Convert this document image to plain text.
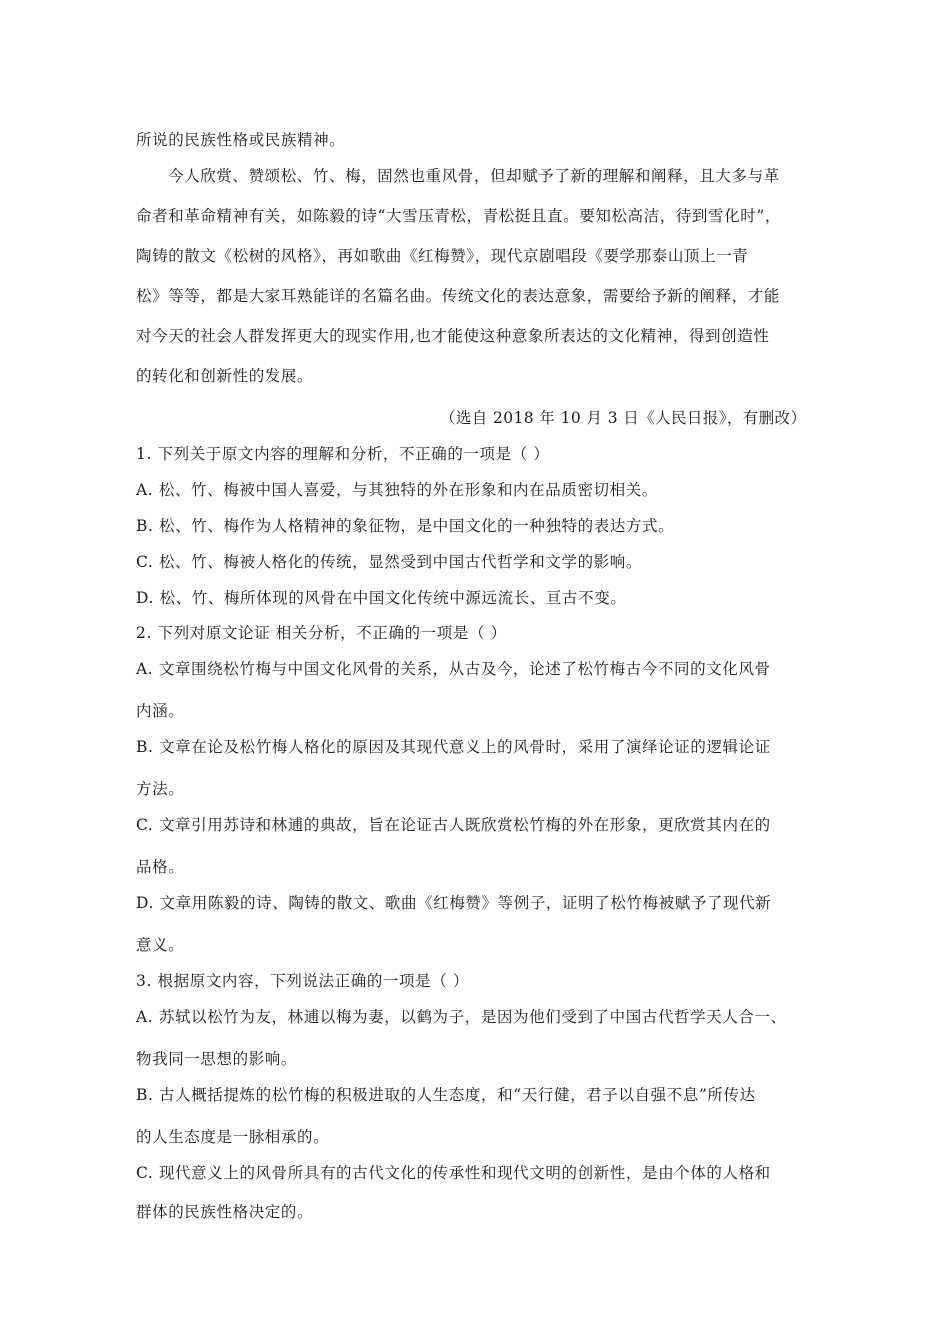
所说的民族性格或民族精神。
今人欣赏、赞颂松、竹、梅，固然也重风骨，但却赋予了新的理解和阐释，且大多与革
命者和革命精神有关，如陈毅的诗“大雪压青松，青松挺且直。要知松高洁，待到雪化时”，
陶铸的散文《松树的风格》，再如歌曲《红梅赞》，现代京剧唱段《要学那泰山顶上一青
松》等等，都是大家耳熟能详的名篇名曲。传统文化的表达意象，需要给予新的阐释，才能
对今天的社会人群发挥更大的现实作用,也才能使这种意象所表达的文化精神，得到创造性
的转化和创新性的发展。
（选自 2018 年 10 月 3 日《人民日报》，有删改）
1. 下列关于原文内容的理解和分析，不正确的一项是（ ）
A. 松、竹、梅被中国人喜爱，与其独特的外在形象和内在品质密切相关。
B. 松、竹、梅作为人格精神的象征物，是中国文化的一种独特的表达方式。
C. 松、竹、梅被人格化的传统，显然受到中国古代哲学和文学的影响。
D. 松、竹、梅所体现的风骨在中国文化传统中源远流长、亘古不变。
2. 下列对原文论证 相关分析，不正确的一项是（ ）
A. 文章围绕松竹梅与中国文化风骨的关系，从古及今，论述了松竹梅古今不同的文化风骨
内涵。
B. 文章在论及松竹梅人格化的原因及其现代意义上的风骨时，采用了演绎论证的逻辑论证
方法。
C. 文章引用苏诗和林逋的典故，旨在论证古人既欣赏松竹梅的外在形象，更欣赏其内在的
品格。
D. 文章用陈毅的诗、陶铸的散文、歌曲《红梅赞》等例子，证明了松竹梅被赋予了现代新
意义。
3. 根据原文内容，下列说法正确的一项是（ ）
A. 苏轼以松竹为友，林逋以梅为妻，以鹤为子，是因为他们受到了中国古代哲学天人合一、
物我同一思想的影响。
B. 古人概括提炼的松竹梅的积极进取的人生态度，和“天行健，君子以自强不息”所传达
的人生态度是一脉相承的。
C. 现代意义上的风骨所具有的古代文化的传承性和现代文明的创新性，是由个体的人格和
群体的民族性格决定的。
